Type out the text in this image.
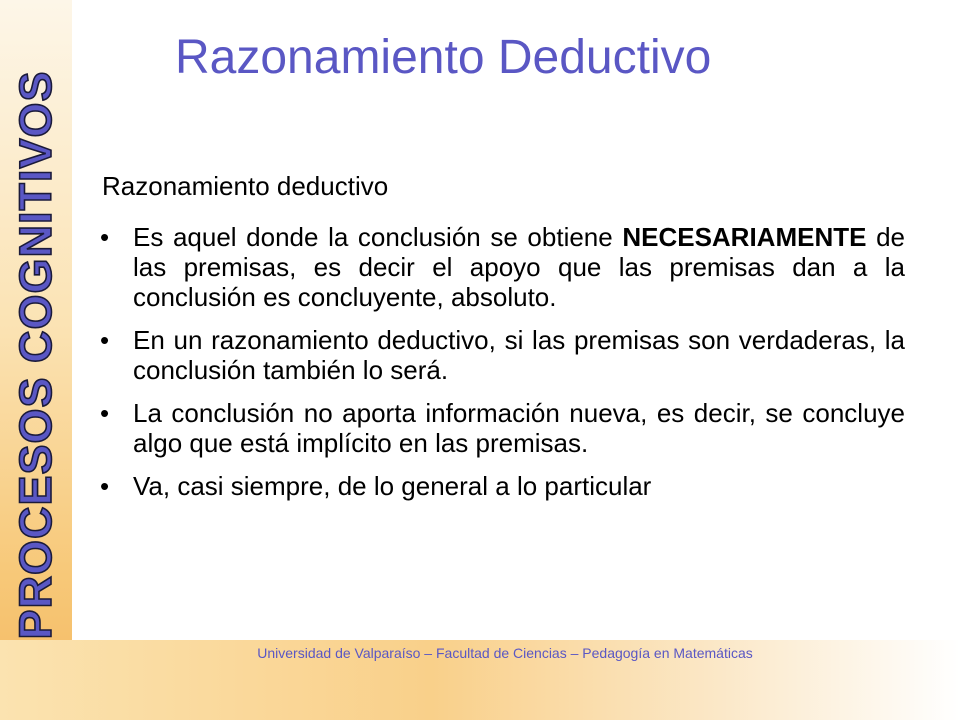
PROCESOS COGNITIVOS
Razonamiento Deductivo
Razonamiento deductivo
• Es aquel donde la conclusión se obtiene NECESARIAMENTE de las premisas, es decir el apoyo que las premisas dan a la conclusión es concluyente, absoluto.
• En un razonamiento deductivo, si las premisas son verdaderas, la conclusión también lo será.
• La conclusión no aporta información nueva, es decir, se concluye algo que está implícito en las premisas.
• Va, casi siempre, de lo general a lo particular
Universidad de Valparaíso – Facultad de Ciencias – Pedagogía en Matemáticas
